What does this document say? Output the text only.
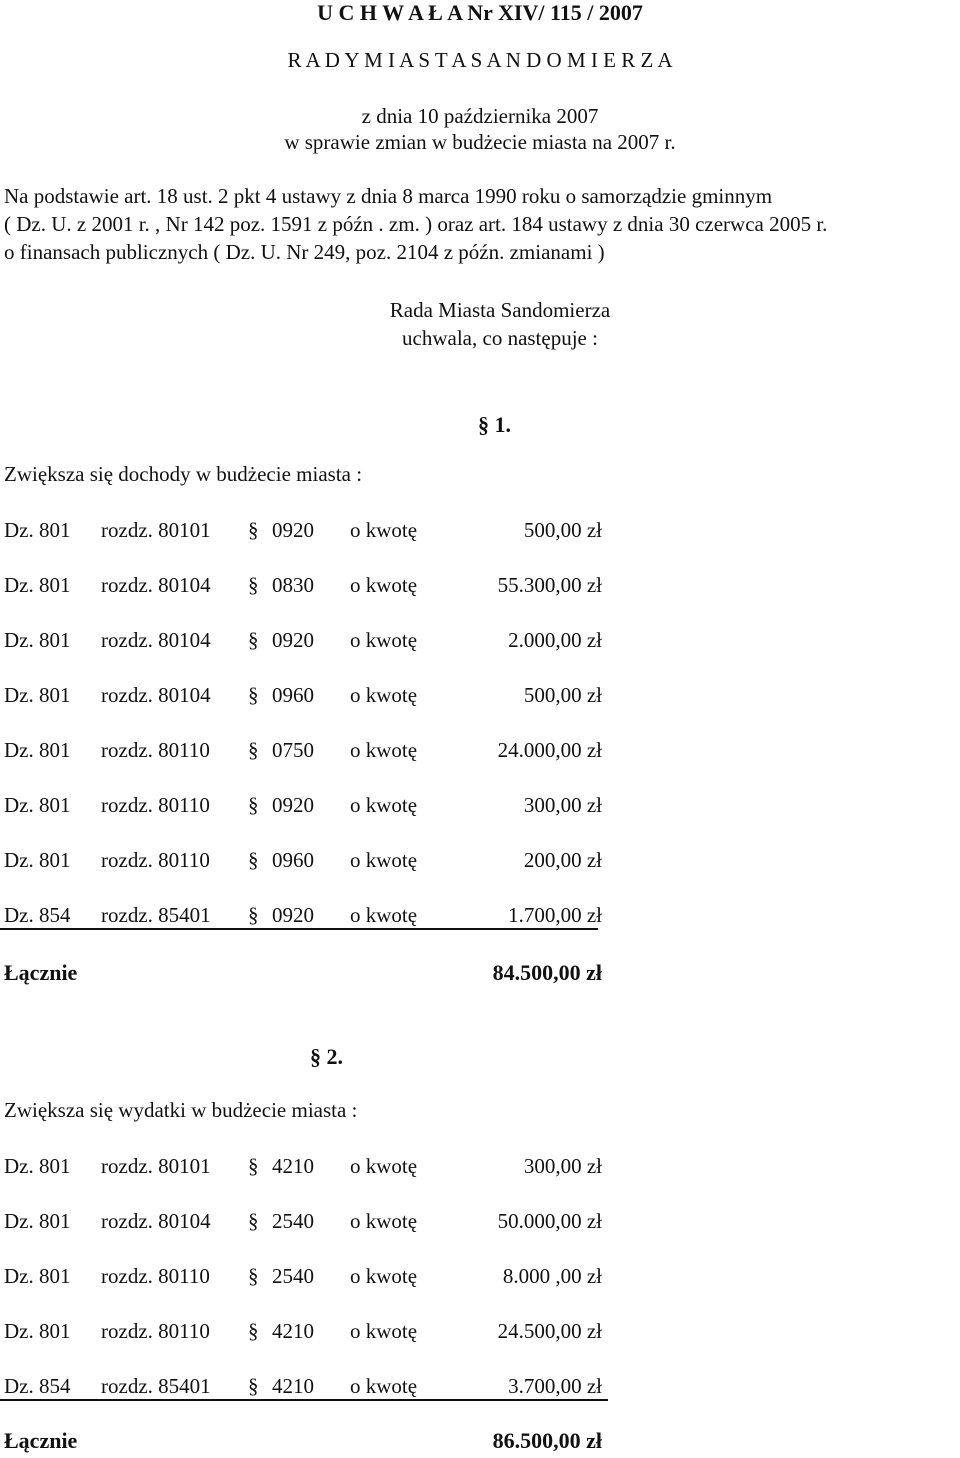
U C H W A Ł A Nr XIV/ 115 / 2007
R A D Y M I A S T A S A N D O M I E R Z A
z dnia 10 października 2007
w sprawie zmian w budżecie miasta na 2007 r.
Na podstawie art. 18 ust. 2 pkt 4 ustawy z dnia 8 marca 1990 roku o samorządzie gminnym
( Dz. U. z 2001 r. , Nr 142 poz. 1591 z późn . zm. ) oraz art. 184 ustawy z dnia 30 czerwca 2005 r.
o finansach publicznych ( Dz. U. Nr 249, poz. 2104 z późn. zmianami )
Rada Miasta Sandomierza
uchwala, co następuje :
§ 1.
Zwiększa się dochody w budżecie miasta :
Dz. 801 rozdz. 80101 § 0920 o kwotę	500,00 zł
Dz. 801 rozdz. 80104 § 0830 o kwotę	55.300,00 zł
Dz. 801 rozdz. 80104 § 0920 o kwotę	2.000,00 zł
Dz. 801 rozdz. 80104 § 0960 o kwotę	500,00 zł
Dz. 801 rozdz. 80110 § 0750 o kwotę	24.000,00 zł
Dz. 801 rozdz. 80110 § 0920 o kwotę	300,00 zł
Dz. 801 rozdz. 80110 § 0960 o kwotę	200,00 zł
Dz. 854 rozdz. 85401 § 0920 o kwotę	1.700,00 zł
Łącznie	84.500,00 zł
§ 2.
Zwiększa się wydatki w budżecie miasta :
Dz. 801 rozdz. 80101 § 4210 o kwotę	300,00 zł
Dz. 801 rozdz. 80104 § 2540 o kwotę	50.000,00 zł
Dz. 801 rozdz. 80110 § 2540 o kwotę	8.000 ,00 zł
Dz. 801 rozdz. 80110 § 4210 o kwotę	24.500,00 zł
Dz. 854 rozdz. 85401 § 4210 o kwotę	3.700,00 zł
Łącznie	86.500,00 zł
